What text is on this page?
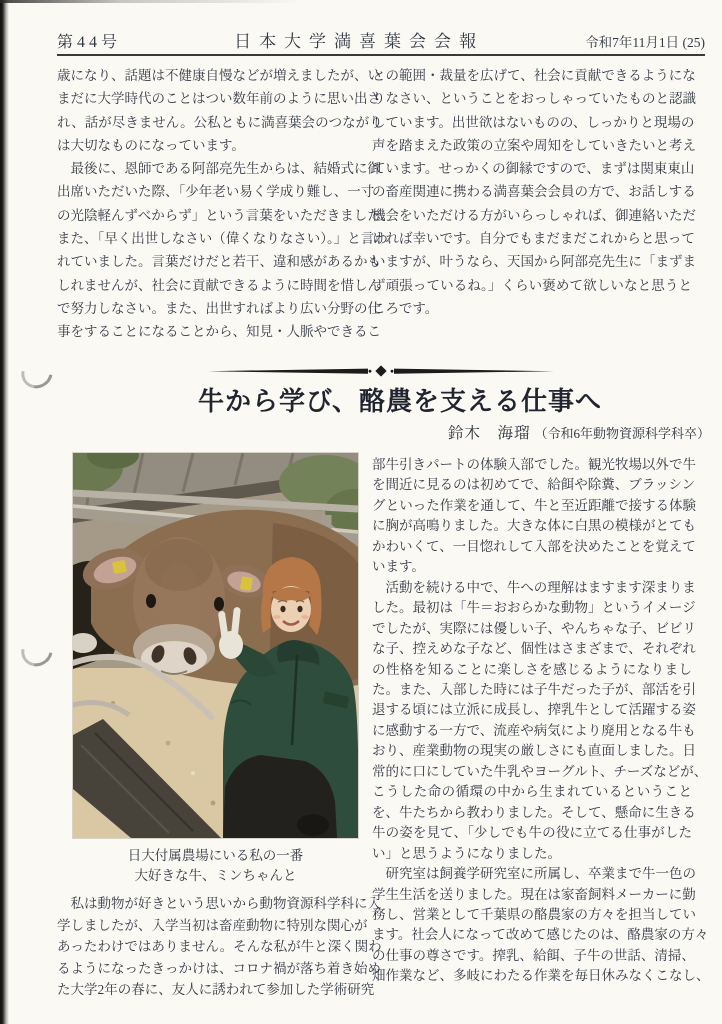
第44号	日本大学満喜葉会会報	令和7年11月1日 (25)
歳になり、話題は不健康自慢などが増えましたが、い
まだに大学時代のことはつい数年前のように思い出さ
れ、話が尽きません。公私ともに満喜葉会のつながり
は大切なものになっています。
　最後に、恩師である阿部亮先生からは、結婚式に御
出席いただいた際、「少年老い易く学成り難し、一寸
の光陰軽んずべからず」という言葉をいただきました。
また、「早く出世しなさい（偉くなりなさい）。」と言わ
れていました。言葉だけだと若干、違和感があるかも
しれませんが、社会に貢献できるように時間を惜しん
で努力しなさい。また、出世すればより広い分野の仕
事をすることになることから、知見・人脈やできるこ
との範囲・裁量を広げて、社会に貢献できるようにな
りなさい、ということをおっしゃっていたものと認識
しています。出世欲はないものの、しっかりと現場の
声を踏まえた政策の立案や周知をしていきたいと考え
ています。せっかくの御縁ですので、まずは関東東山
の畜産関連に携わる満喜葉会会員の方で、お話しする
機会をいただける方がいらっしゃれば、御連絡いただ
ければ幸いです。自分でもまだまだこれからと思って
いますが、叶うなら、天国から阿部亮先生に「まずま
ず頑張っているね。」くらい褒めて欲しいなと思うと
ころです。
牛から学び、酪農を支える仕事へ
鈴木　海瑠 （令和6年動物資源科学科卒）
日大付属農場にいる私の一番
大好きな牛、ミンちゃんと
　私は動物が好きという思いから動物資源科学科に入
学しましたが、入学当初は畜産動物に特別な関心が
あったわけではありません。そんな私が牛と深く関わ
るようになったきっかけは、コロナ禍が落ち着き始め
た大学2年の春に、友人に誘われて参加した学術研究
部牛引きパートの体験入部でした。観光牧場以外で牛
を間近に見るのは初めてで、給餌や除糞、ブラッシン
グといった作業を通して、牛と至近距離で接する体験
に胸が高鳴りました。大きな体に白黒の模様がとても
かわいくて、一目惚れして入部を決めたことを覚えて
います。
　活動を続ける中で、牛への理解はますます深まりま
した。最初は「牛＝おおらかな動物」というイメージ
でしたが、実際には優しい子、やんちゃな子、ビビリ
な子、控えめな子など、個性はさまざまで、それぞれ
の性格を知ることに楽しさを感じるようになりまし
た。また、入部した時には子牛だった子が、部活を引
退する頃には立派に成長し、搾乳牛として活躍する姿
に感動する一方で、流産や病気により廃用となる牛も
おり、産業動物の現実の厳しさにも直面しました。日
常的に口にしていた牛乳やヨーグルト、チーズなどが、
こうした命の循環の中から生まれているということ
を、牛たちから教わりました。そして、懸命に生きる
牛の姿を見て、「少しでも牛の役に立てる仕事がした
い」と思うようになりました。
　研究室は飼養学研究室に所属し、卒業まで牛一色の
学生生活を送りました。現在は家畜飼料メーカーに勤
務し、営業として千葉県の酪農家の方々を担当してい
ます。社会人になって改めて感じたのは、酪農家の方々
の仕事の尊さです。搾乳、給餌、子牛の世話、清掃、
畑作業など、多岐にわたる作業を毎日休みなくこなし、
